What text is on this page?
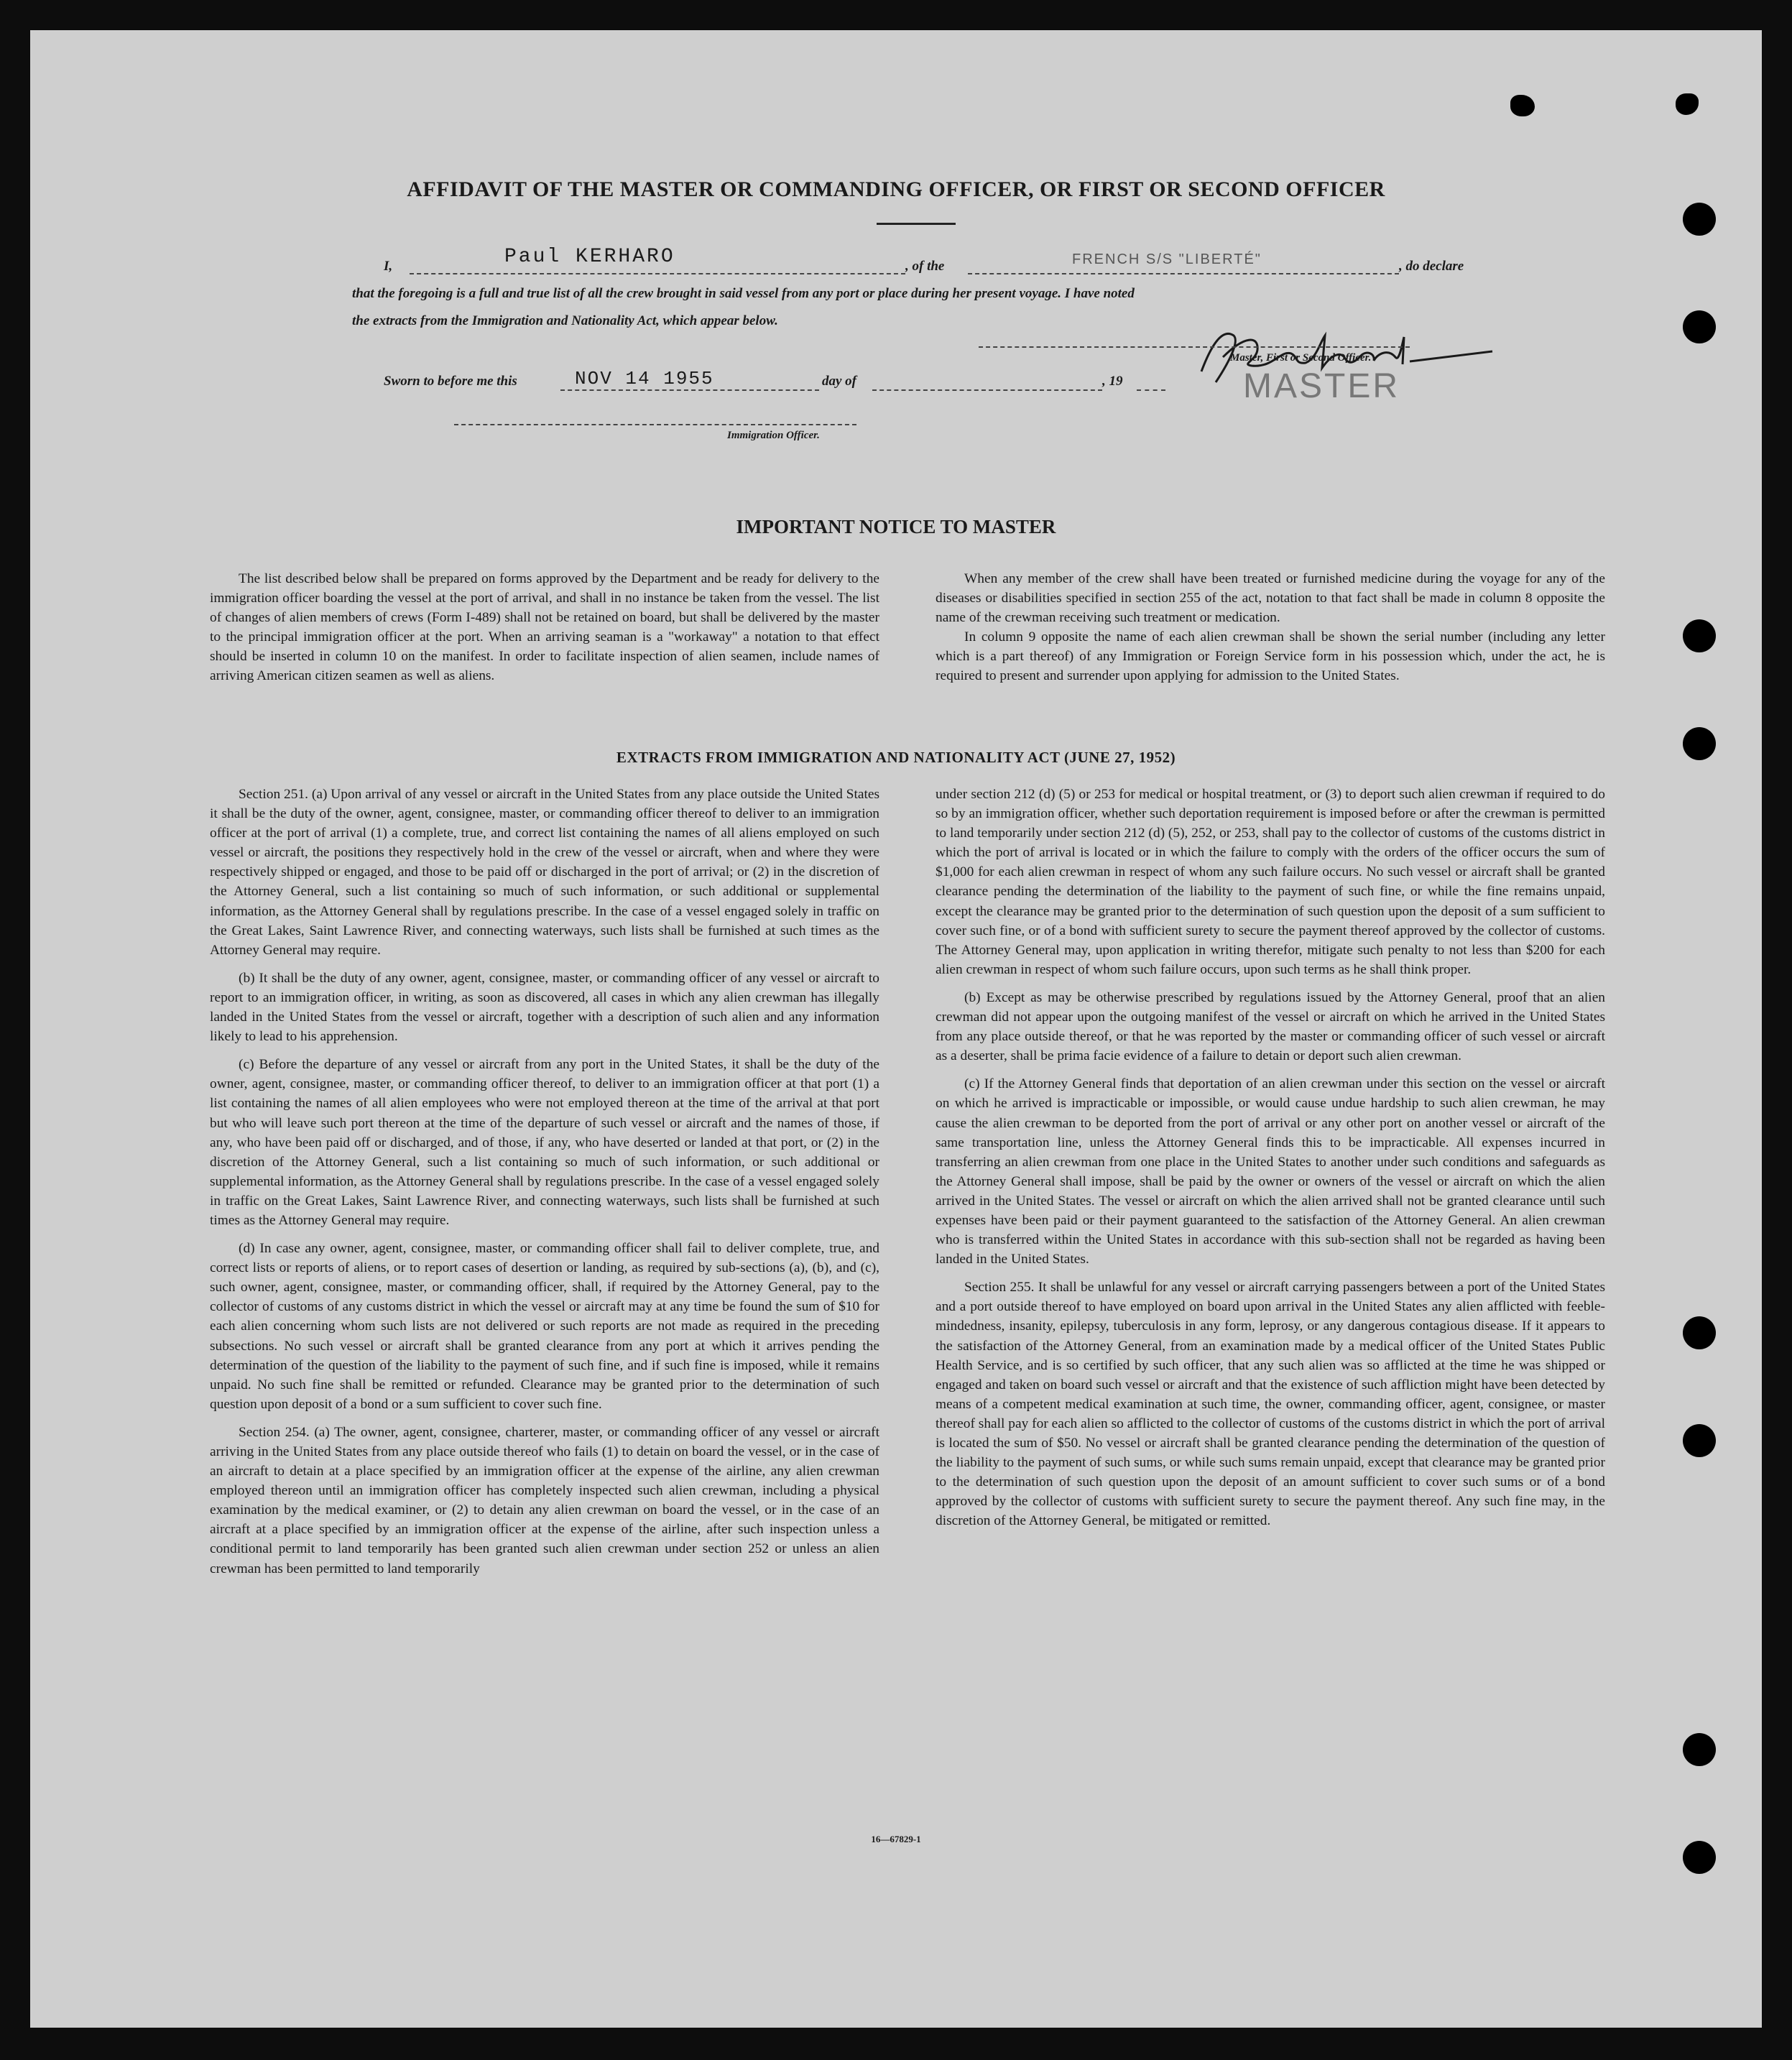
AFFIDAVIT OF THE MASTER OR COMMANDING OFFICER, OR FIRST OR SECOND OFFICER
I,	Paul KERHARO	, of the	FRENCH S/S "LIBERTÉ"	, do declare
that the foregoing is a full and true list of all the crew brought in said vessel from any port or place during her present voyage. I have noted
the extracts from the Immigration and Nationality Act, which appear below.
Master, First or Second Officer.
MASTER
Sworn to before me this	NOV 14 1955	day of	, 19
Immigration Officer.
IMPORTANT NOTICE TO MASTER

The list described below shall be prepared on forms approved by the Department and be ready for delivery to the immigration officer boarding the vessel at the port of arrival, and shall in no instance be taken from the vessel. The list of changes of alien members of crews (Form I-489) shall not be retained on board, but shall be delivered by the master to the principal immigration officer at the port. When an arriving seaman is a "workaway" a notation to that effect should be inserted in column 10 on the manifest. In order to facilitate inspection of alien seamen, include names of arriving American citizen seamen as well as aliens.

When any member of the crew shall have been treated or furnished medicine during the voyage for any of the diseases or disabilities specified in section 255 of the act, notation to that fact shall be made in column 8 opposite the name of the crewman receiving such treatment or medication.

In column 9 opposite the name of each alien crewman shall be shown the serial number (including any letter which is a part thereof) of any Immigration or Foreign Service form in his possession which, under the act, he is required to present and surrender upon applying for admission to the United States.

EXTRACTS FROM IMMIGRATION AND NATIONALITY ACT (JUNE 27, 1952)

Section 251. (a) Upon arrival of any vessel or aircraft in the United States from any place outside the United States it shall be the duty of the owner, agent, consignee, master, or commanding officer thereof to deliver to an immigration officer at the port of arrival (1) a complete, true, and correct list containing the names of all aliens employed on such vessel or aircraft, the positions they respectively hold in the crew of the vessel or aircraft, when and where they were respectively shipped or engaged, and those to be paid off or discharged in the port of arrival; or (2) in the discretion of the Attorney General, such a list containing so much of such information, or such additional or supplemental information, as the Attorney General shall by regulations prescribe. In the case of a vessel engaged solely in traffic on the Great Lakes, Saint Lawrence River, and connecting waterways, such lists shall be furnished at such times as the Attorney General may require.

(b) It shall be the duty of any owner, agent, consignee, master, or commanding officer of any vessel or aircraft to report to an immigration officer, in writing, as soon as discovered, all cases in which any alien crewman has illegally landed in the United States from the vessel or aircraft, together with a description of such alien and any information likely to lead to his apprehension.

(c) Before the departure of any vessel or aircraft from any port in the United States, it shall be the duty of the owner, agent, consignee, master, or commanding officer thereof, to deliver to an immigration officer at that port (1) a list containing the names of all alien employees who were not employed thereon at the time of the arrival at that port but who will leave such port thereon at the time of the departure of such vessel or aircraft and the names of those, if any, who have been paid off or discharged, and of those, if any, who have deserted or landed at that port, or (2) in the discretion of the Attorney General, such a list containing so much of such information, or such additional or supplemental information, as the Attorney General shall by regulations prescribe. In the case of a vessel engaged solely in traffic on the Great Lakes, Saint Lawrence River, and connecting waterways, such lists shall be furnished at such times as the Attorney General may require.

(d) In case any owner, agent, consignee, master, or commanding officer shall fail to deliver complete, true, and correct lists or reports of aliens, or to report cases of desertion or landing, as required by sub-sections (a), (b), and (c), such owner, agent, consignee, master, or commanding officer, shall, if required by the Attorney General, pay to the collector of customs of any customs district in which the vessel or aircraft may at any time be found the sum of $10 for each alien concerning whom such lists are not delivered or such reports are not made as required in the preceding subsections. No such vessel or aircraft shall be granted clearance from any port at which it arrives pending the determination of the question of the liability to the payment of such fine, and if such fine is imposed, while it remains unpaid. No such fine shall be remitted or refunded. Clearance may be granted prior to the determination of such question upon deposit of a bond or a sum sufficient to cover such fine.

Section 254. (a) The owner, agent, consignee, charterer, master, or commanding officer of any vessel or aircraft arriving in the United States from any place outside thereof who fails (1) to detain on board the vessel, or in the case of an aircraft to detain at a place specified by an immigration officer at the expense of the airline, any alien crewman employed thereon until an immigration officer has completely inspected such alien crewman, including a physical examination by the medical examiner, or (2) to detain any alien crewman on board the vessel, or in the case of an aircraft at a place specified by an immigration officer at the expense of the airline, after such inspection unless a conditional permit to land temporarily has been granted such alien crewman under section 252 or unless an alien crewman has been permitted to land temporarily

under section 212 (d) (5) or 253 for medical or hospital treatment, or (3) to deport such alien crewman if required to do so by an immigration officer, whether such deportation requirement is imposed before or after the crewman is permitted to land temporarily under section 212 (d) (5), 252, or 253, shall pay to the collector of customs of the customs district in which the port of arrival is located or in which the failure to comply with the orders of the officer occurs the sum of $1,000 for each alien crewman in respect of whom any such failure occurs. No such vessel or aircraft shall be granted clearance pending the determination of the liability to the payment of such fine, or while the fine remains unpaid, except the clearance may be granted prior to the determination of such question upon the deposit of a sum sufficient to cover such fine, or of a bond with sufficient surety to secure the payment thereof approved by the collector of customs. The Attorney General may, upon application in writing therefor, mitigate such penalty to not less than $200 for each alien crewman in respect of whom such failure occurs, upon such terms as he shall think proper.

(b) Except as may be otherwise prescribed by regulations issued by the Attorney General, proof that an alien crewman did not appear upon the outgoing manifest of the vessel or aircraft on which he arrived in the United States from any place outside thereof, or that he was reported by the master or commanding officer of such vessel or aircraft as a deserter, shall be prima facie evidence of a failure to detain or deport such alien crewman.

(c) If the Attorney General finds that deportation of an alien crewman under this section on the vessel or aircraft on which he arrived is impracticable or impossible, or would cause undue hardship to such alien crewman, he may cause the alien crewman to be deported from the port of arrival or any other port on another vessel or aircraft of the same transportation line, unless the Attorney General finds this to be impracticable. All expenses incurred in transferring an alien crewman from one place in the United States to another under such conditions and safeguards as the Attorney General shall impose, shall be paid by the owner or owners of the vessel or aircraft on which the alien arrived in the United States. The vessel or aircraft on which the alien arrived shall not be granted clearance until such expenses have been paid or their payment guaranteed to the satisfaction of the Attorney General. An alien crewman who is transferred within the United States in accordance with this sub-section shall not be regarded as having been landed in the United States.

Section 255. It shall be unlawful for any vessel or aircraft carrying passengers between a port of the United States and a port outside thereof to have employed on board upon arrival in the United States any alien afflicted with feeble-mindedness, insanity, epilepsy, tuberculosis in any form, leprosy, or any dangerous contagious disease. If it appears to the satisfaction of the Attorney General, from an examination made by a medical officer of the United States Public Health Service, and is so certified by such officer, that any such alien was so afflicted at the time he was shipped or engaged and taken on board such vessel or aircraft and that the existence of such affliction might have been detected by means of a competent medical examination at such time, the owner, commanding officer, agent, consignee, or master thereof shall pay for each alien so afflicted to the collector of customs of the customs district in which the port of arrival is located the sum of $50. No vessel or aircraft shall be granted clearance pending the determination of the question of the liability to the payment of such sums, or while such sums remain unpaid, except that clearance may be granted prior to the determination of such question upon the deposit of an amount sufficient to cover such sums or of a bond approved by the collector of customs with sufficient surety to secure the payment thereof. Any such fine may, in the discretion of the Attorney General, be mitigated or remitted.

16—67829-1
